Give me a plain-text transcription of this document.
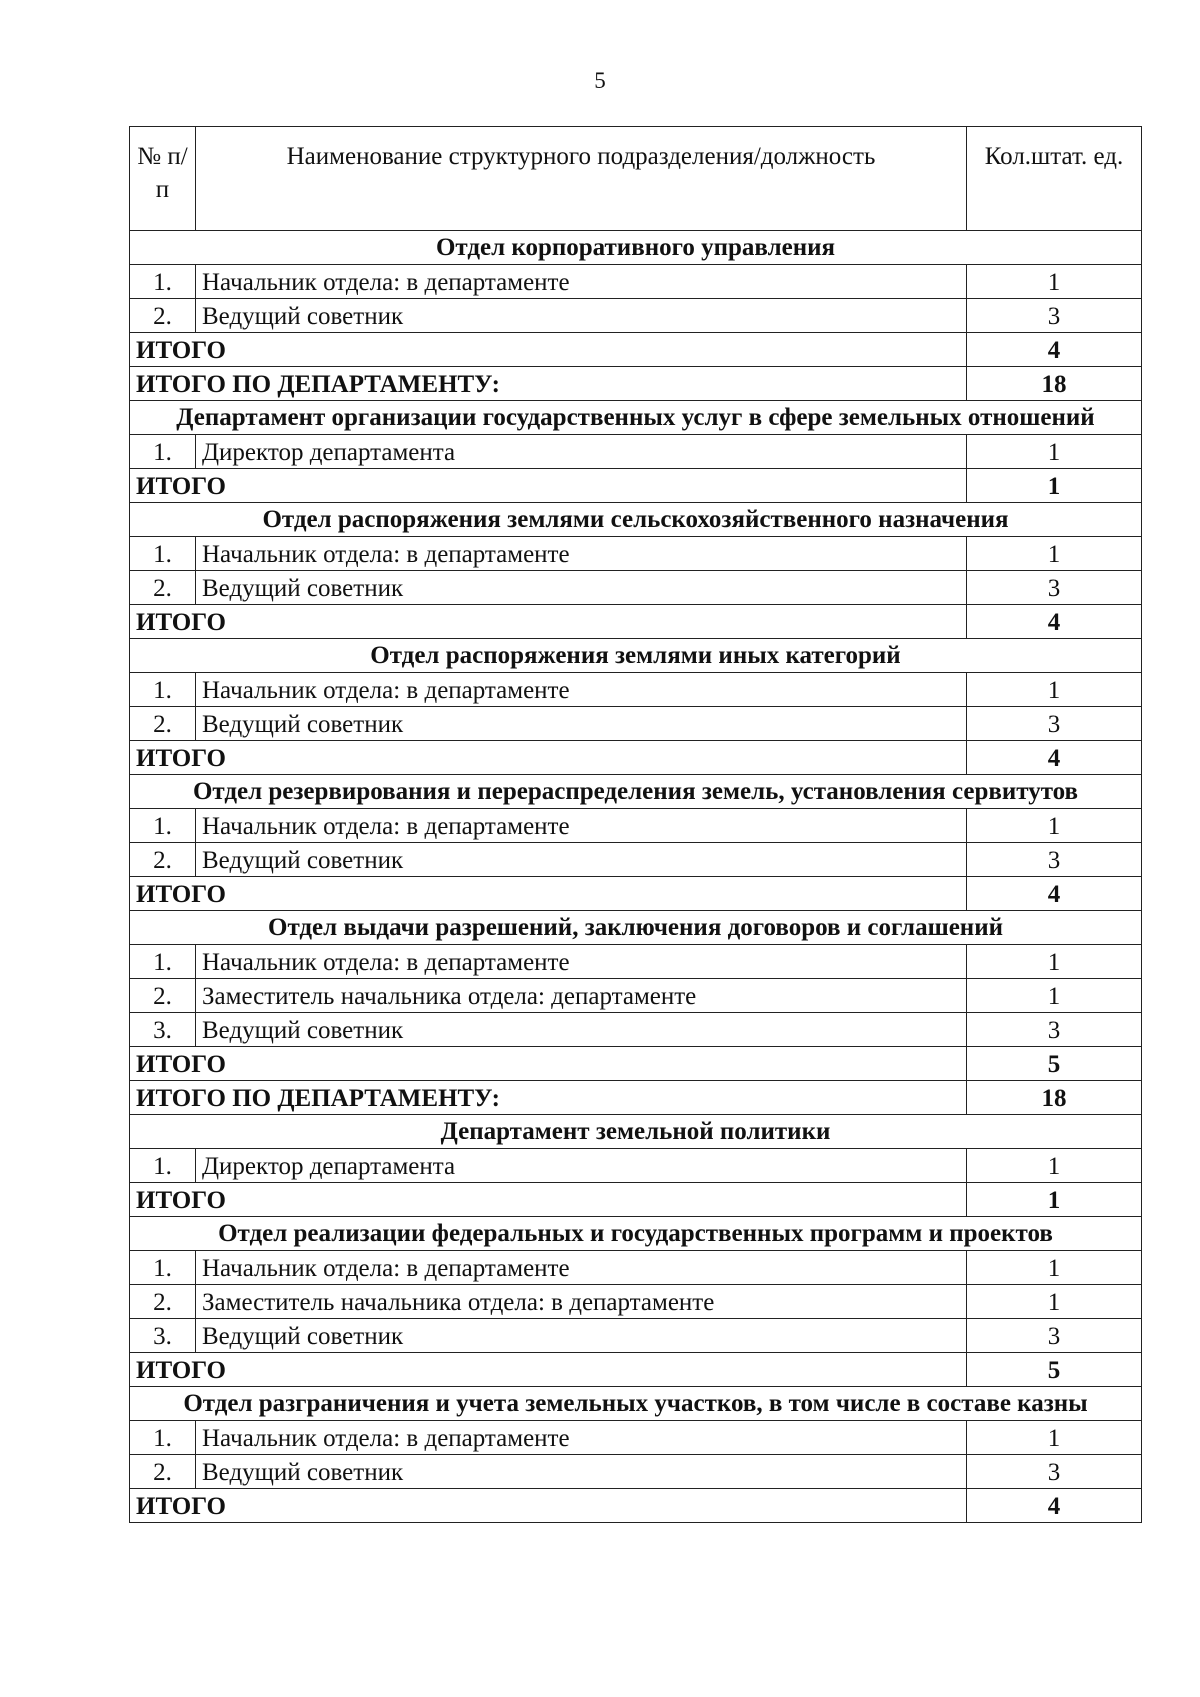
5
№ п/п	Наименование структурного подразделения/должность	Кол.штат. ед.
Отдел корпоративного управления		
1.	Начальник отдела: в департаменте	1
2.	Ведущий советник	3
ИТОГО		4
ИТОГО ПО ДЕПАРТАМЕНТУ:		18
Департамент организации государственных услуг в сфере земельных отношений		
1.	Директор департамента	1
ИТОГО		1
Отдел распоряжения землями сельскохозяйственного назначения		
1.	Начальник отдела: в департаменте	1
2.	Ведущий советник	3
ИТОГО		4
Отдел распоряжения землями иных категорий		
1.	Начальник отдела: в департаменте	1
2.	Ведущий советник	3
ИТОГО		4
Отдел резервирования и перераспределения земель, установления сервитутов		
1.	Начальник отдела: в департаменте	1
2.	Ведущий советник	3
ИТОГО		4
Отдел выдачи разрешений, заключения договоров и соглашений		
1.	Начальник отдела: в департаменте	1
2.	Заместитель начальника отдела: департаменте	1
3.	Ведущий советник	3
ИТОГО		5
ИТОГО ПО ДЕПАРТАМЕНТУ:		18
Департамент земельной политики		
1.	Директор департамента	1
ИТОГО		1
Отдел реализации федеральных и государственных программ и проектов		
1.	Начальник отдела: в департаменте	1
2.	Заместитель начальника отдела: в департаменте	1
3.	Ведущий советник	3
ИТОГО		5
Отдел разграничения и учета земельных участков, в том числе в составе казны		
1.	Начальник отдела: в департаменте	1
2.	Ведущий советник	3
ИТОГО		4
